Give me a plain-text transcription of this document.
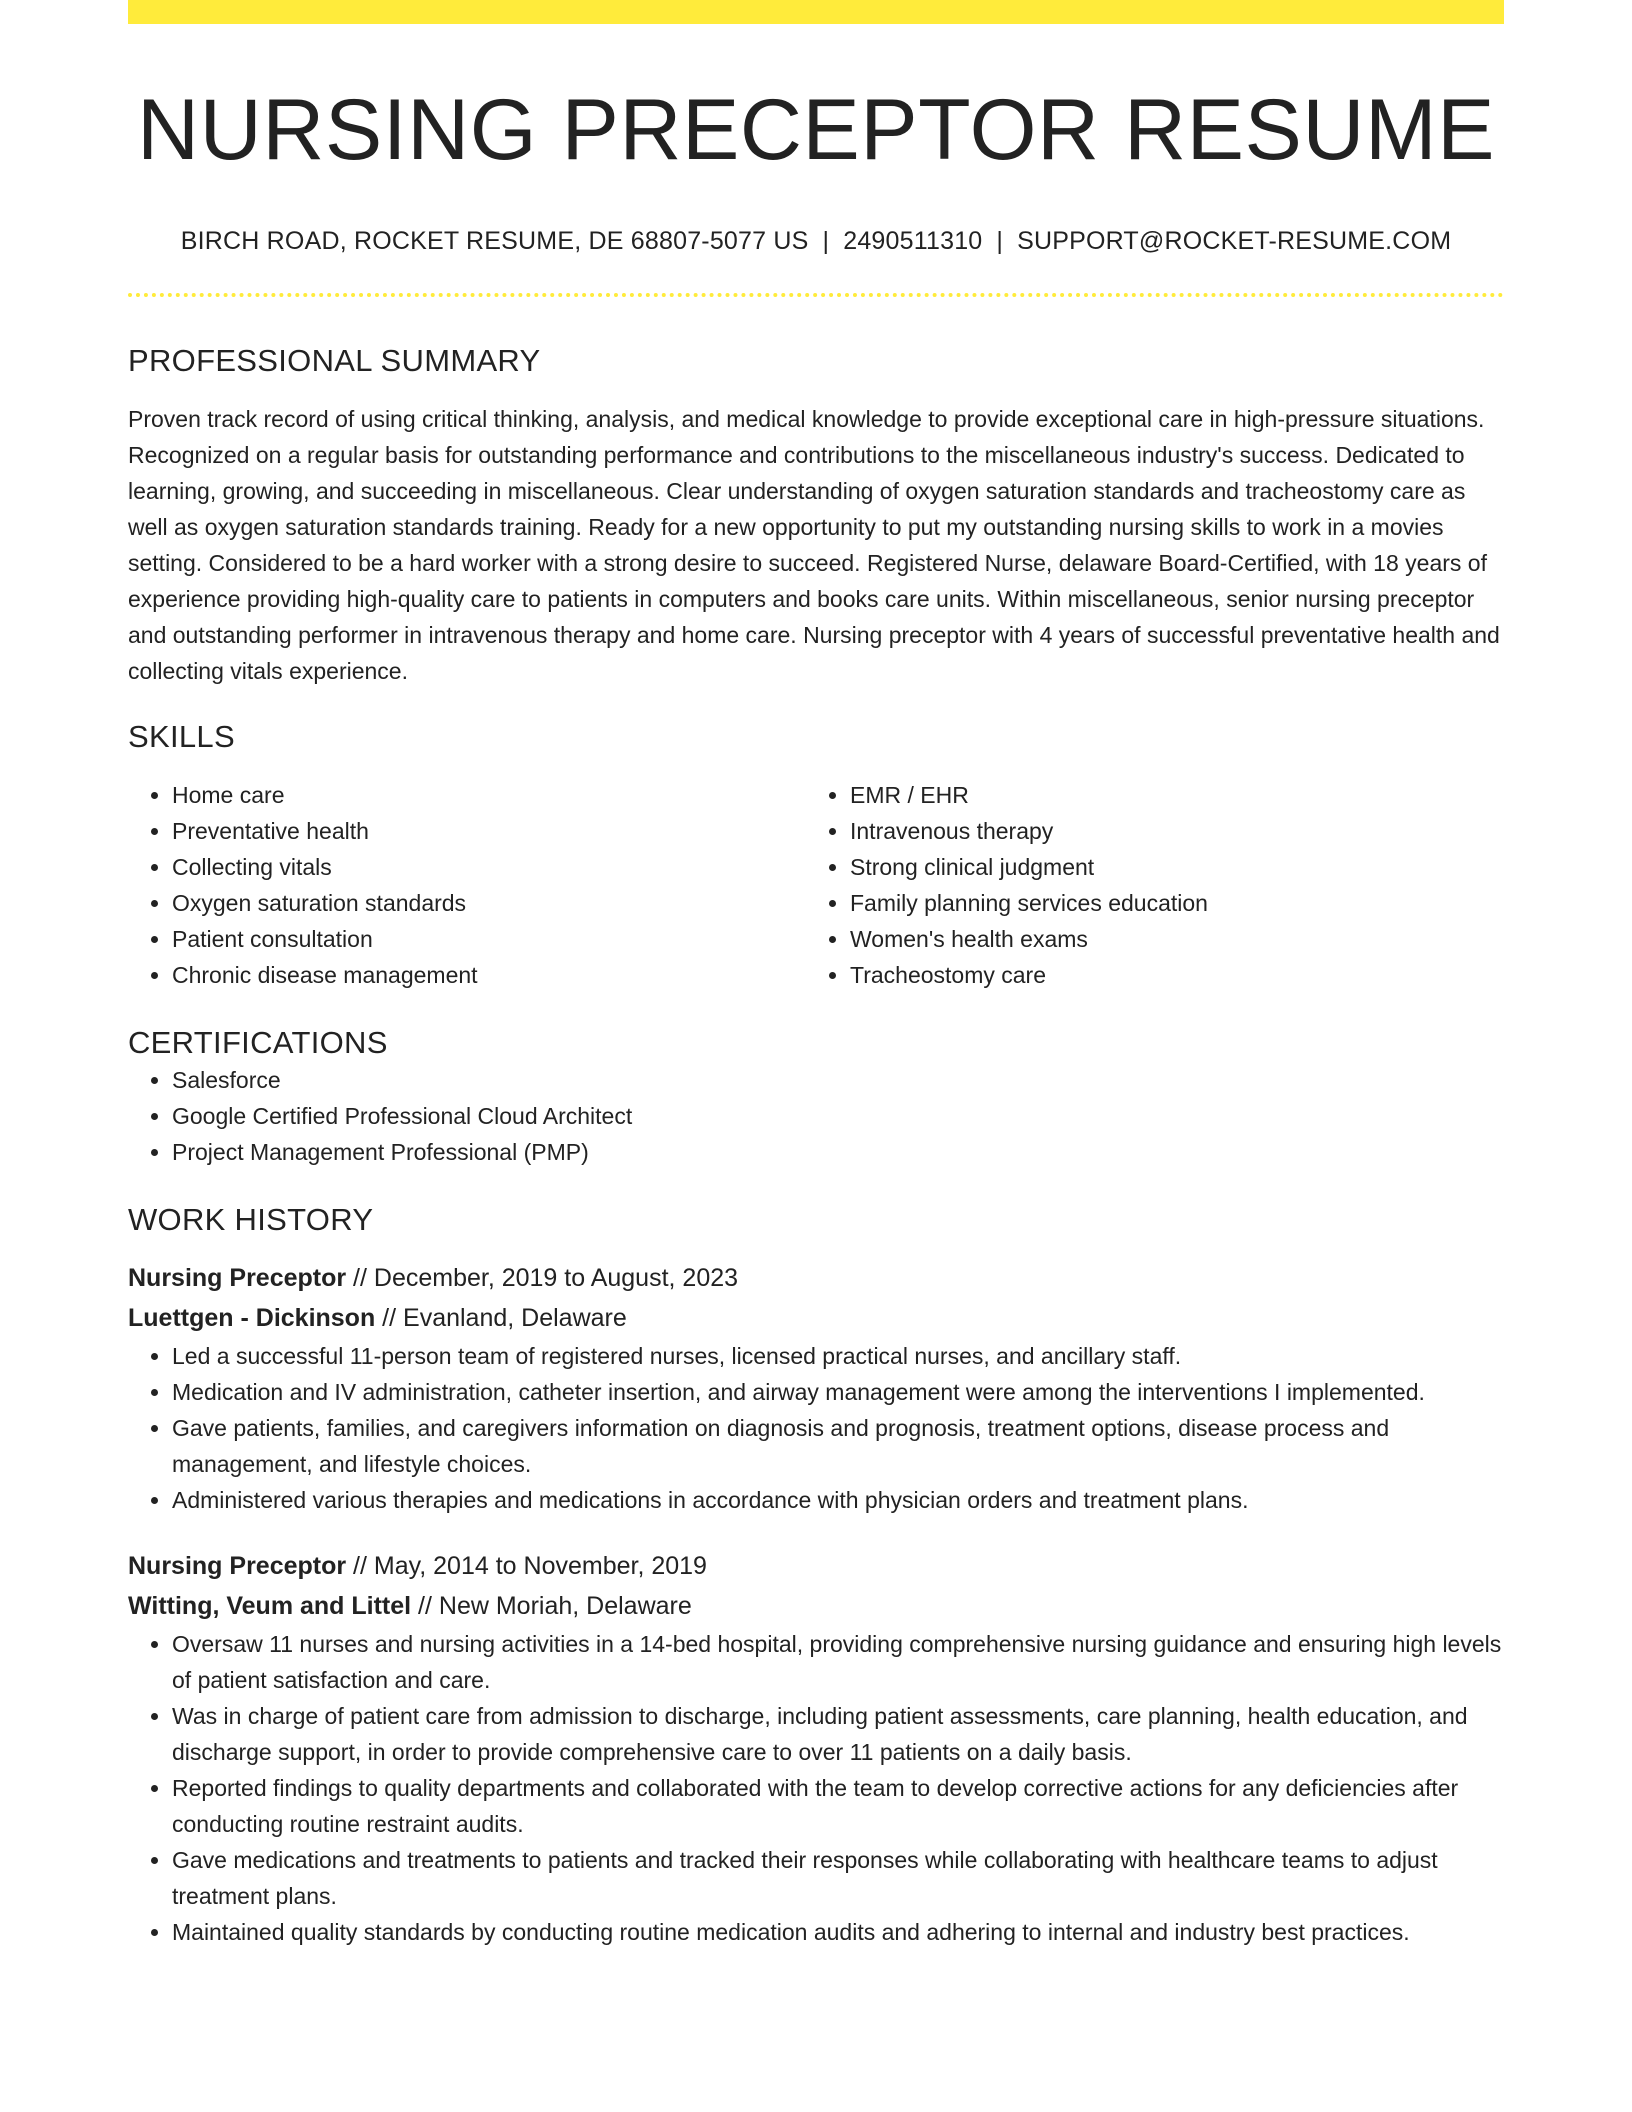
NURSING PRECEPTOR RESUME
BIRCH ROAD, ROCKET RESUME, DE 68807-5077 US | 2490511310 | SUPPORT@ROCKET-RESUME.COM
PROFESSIONAL SUMMARY

Proven track record of using critical thinking, analysis, and medical knowledge to provide exceptional care in high-pressure situations. Recognized on a regular basis for outstanding performance and contributions to the miscellaneous industry's success. Dedicated to learning, growing, and succeeding in miscellaneous. Clear understanding of oxygen saturation standards and tracheostomy care as well as oxygen saturation standards training. Ready for a new opportunity to put my outstanding nursing skills to work in a movies setting. Considered to be a hard worker with a strong desire to succeed. Registered Nurse, delaware Board-Certified, with 18 years of experience providing high-quality care to patients in computers and books care units. Within miscellaneous, senior nursing preceptor and outstanding performer in intravenous therapy and home care. Nursing preceptor with 4 years of successful preventative health and collecting vitals experience.

SKILLS
• Home care
• Preventative health
• Collecting vitals
• Oxygen saturation standards
• Patient consultation
• Chronic disease management
• EMR / EHR
• Intravenous therapy
• Strong clinical judgment
• Family planning services education
• Women's health exams
• Tracheostomy care
CERTIFICATIONS
• Salesforce
• Google Certified Professional Cloud Architect
• Project Management Professional (PMP)
WORK HISTORY
Nursing Preceptor // December, 2019 to August, 2023
Luettgen - Dickinson // Evanland, Delaware
• Led a successful 11-person team of registered nurses, licensed practical nurses, and ancillary staff.
• Medication and IV administration, catheter insertion, and airway management were among the interventions I implemented.
• Gave patients, families, and caregivers information on diagnosis and prognosis, treatment options, disease process and management, and lifestyle choices.
• Administered various therapies and medications in accordance with physician orders and treatment plans.
Nursing Preceptor // May, 2014 to November, 2019
Witting, Veum and Littel // New Moriah, Delaware
• Oversaw 11 nurses and nursing activities in a 14-bed hospital, providing comprehensive nursing guidance and ensuring high levels of patient satisfaction and care.
• Was in charge of patient care from admission to discharge, including patient assessments, care planning, health education, and discharge support, in order to provide comprehensive care to over 11 patients on a daily basis.
• Reported findings to quality departments and collaborated with the team to develop corrective actions for any deficiencies after conducting routine restraint audits.
• Gave medications and treatments to patients and tracked their responses while collaborating with healthcare teams to adjust treatment plans.
• Maintained quality standards by conducting routine medication audits and adhering to internal and industry best practices.
